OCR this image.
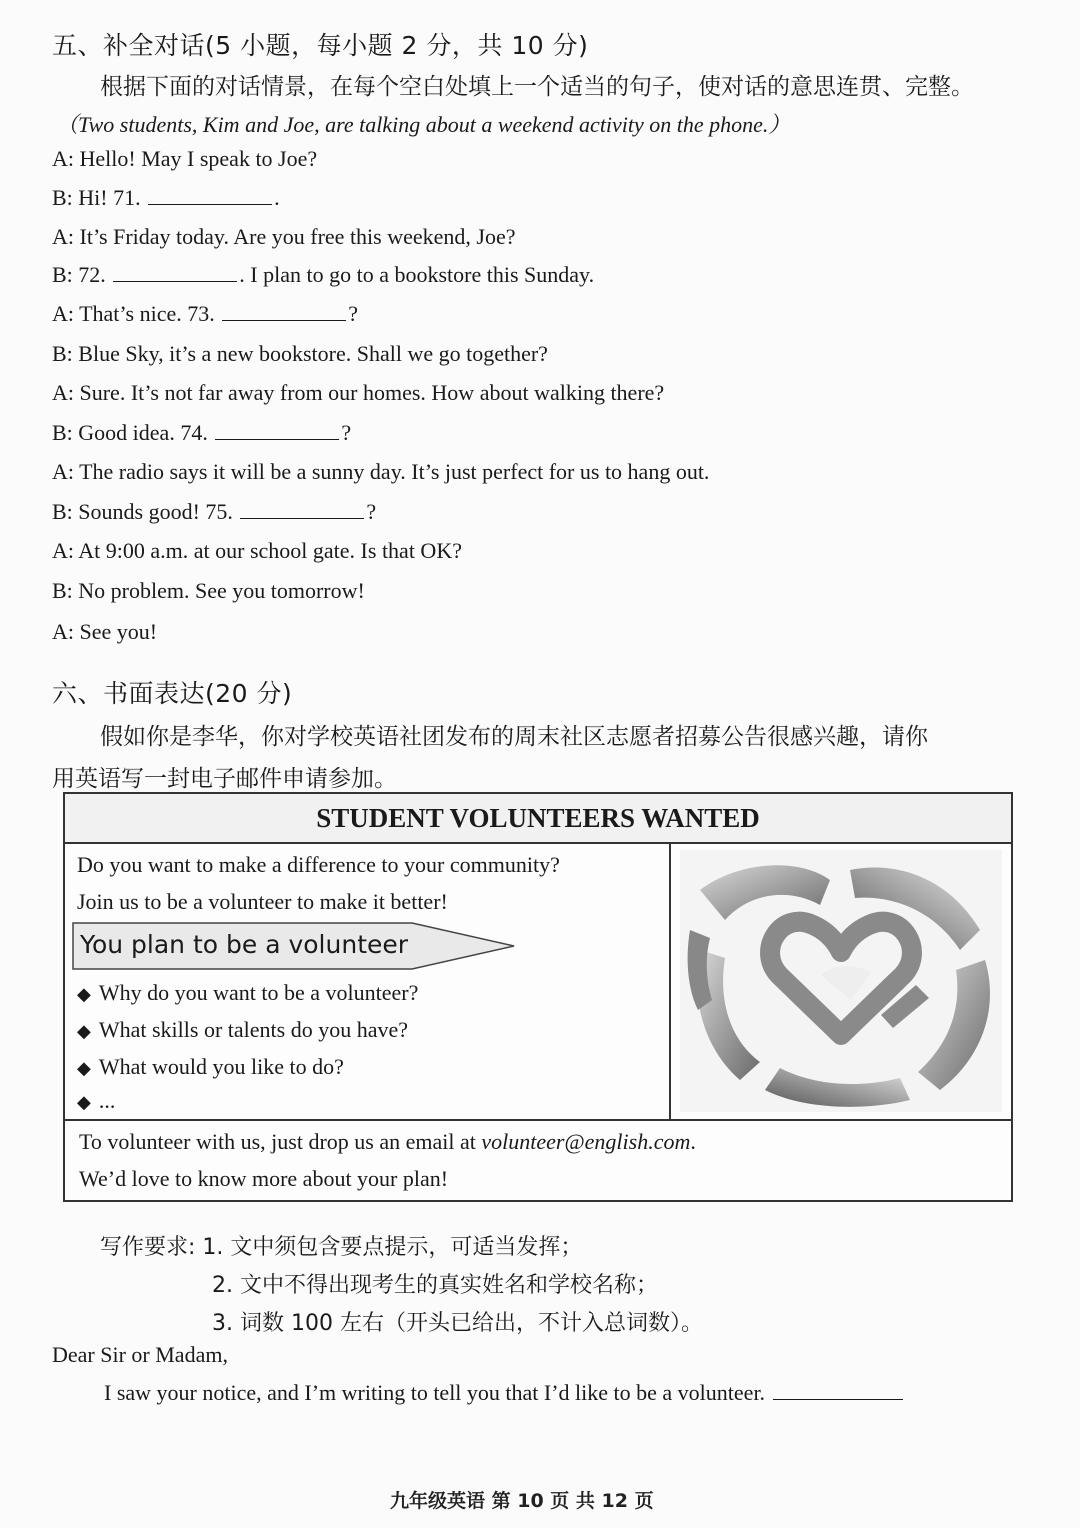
五、补全对话(5 小题，每小题 2 分，共 10 分)
根据下面的对话情景，在每个空白处填上一个适当的句子，使对话的意思连贯、完整。
（Two students, Kim and Joe, are talking about a weekend activity on the phone.）
A: Hello! May I speak to Joe?
B: Hi! 71.	.
A: It’s Friday today. Are you free this weekend, Joe?
B: 72.	. I plan to go to a bookstore this Sunday.
A: That’s nice. 73.	?
B: Blue Sky, it’s a new bookstore. Shall we go together?
A: Sure. It’s not far away from our homes. How about walking there?
B: Good idea. 74.	?
A: The radio says it will be a sunny day. It’s just perfect for us to hang out.
B: Sounds good! 75.	?
A: At 9:00 a.m. at our school gate. Is that OK?
B: No problem. See you tomorrow!
A: See you!
六、书面表达(20 分)
假如你是李华，你对学校英语社团发布的周末社区志愿者招募公告很感兴趣，请你
用英语写一封电子邮件申请参加。
STUDENT VOLUNTEERS WANTED
Do you want to make a difference to your community?
Join us to be a volunteer to make it better!
You plan to be a volunteer
◆ Why do you want to be a volunteer?
◆ What skills or talents do you have?
◆ What would you like to do?
◆ ...
To volunteer with us, just drop us an email at volunteer@english.com.
We’d love to know more about your plan!
写作要求: 1. 文中须包含要点提示，可适当发挥；
2. 文中不得出现考生的真实姓名和学校名称；
3. 词数 100 左右（开头已给出，不计入总词数）。
Dear Sir or Madam,
I saw your notice, and I’m writing to tell you that I’d like to be a volunteer.
九年级英语 第 10 页 共 12 页
